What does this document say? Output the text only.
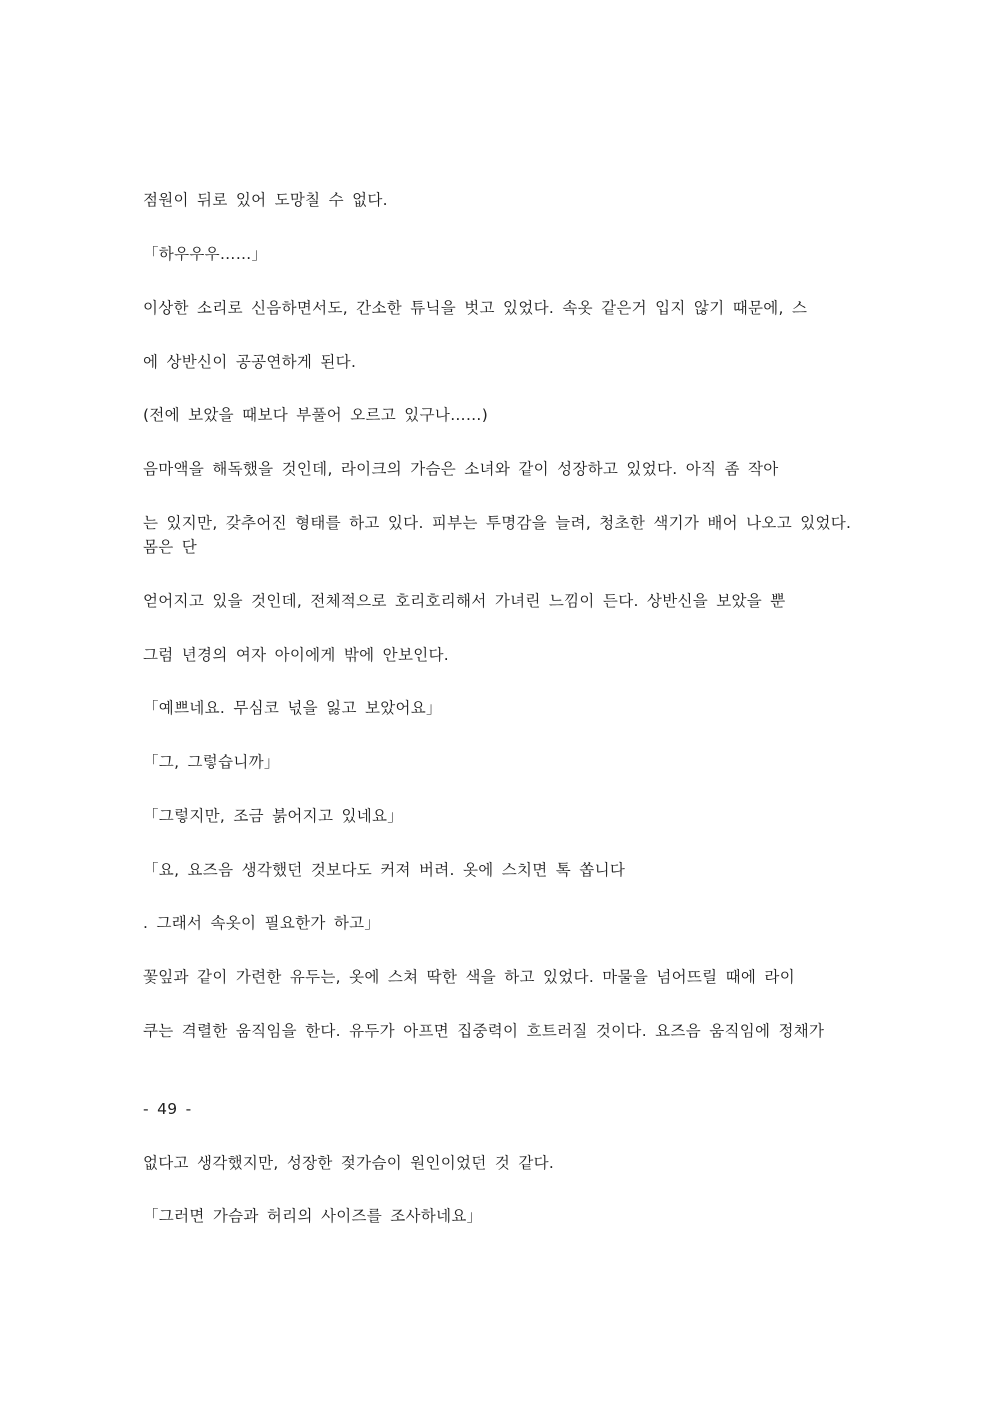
점원이 뒤로 있어 도망칠 수 없다.
「하우우우……」
이상한 소리로 신음하면서도, 간소한 튜닉을 벗고 있었다. 속옷 같은거 입지 않기 때문에, 스
에 상반신이 공공연하게 된다.
(전에 보았을 때보다 부풀어 오르고 있구나……)
음마액을 해독했을 것인데, 라이크의 가슴은 소녀와 같이 성장하고 있었다. 아직 좀 작아
는 있지만, 갖추어진 형태를 하고 있다. 피부는 투명감을 늘려, 청초한 색기가 배어 나오고 있었다. 몸은 단
얻어지고 있을 것인데, 전체적으로 호리호리해서 가녀린 느낌이 든다. 상반신을 보았을 뿐
그럼 년경의 여자 아이에게 밖에 안보인다.
「예쁘네요. 무심코 넋을 잃고 보았어요」
「그, 그렇습니까」
「그렇지만, 조금 붉어지고 있네요」
「요, 요즈음 생각했던 것보다도 커져 버려. 옷에 스치면 톡 쏩니다
. 그래서 속옷이 필요한가 하고」
꽃잎과 같이 가련한 유두는, 옷에 스쳐 딱한 색을 하고 있었다. 마물을 넘어뜨릴 때에 라이
쿠는 격렬한 움직임을 한다. 유두가 아프면 집중력이 흐트러질 것이다. 요즈음 움직임에 정채가
- 49 -
없다고 생각했지만, 성장한 젖가슴이 원인이었던 것 같다.
「그러면 가슴과 허리의 사이즈를 조사하네요」
